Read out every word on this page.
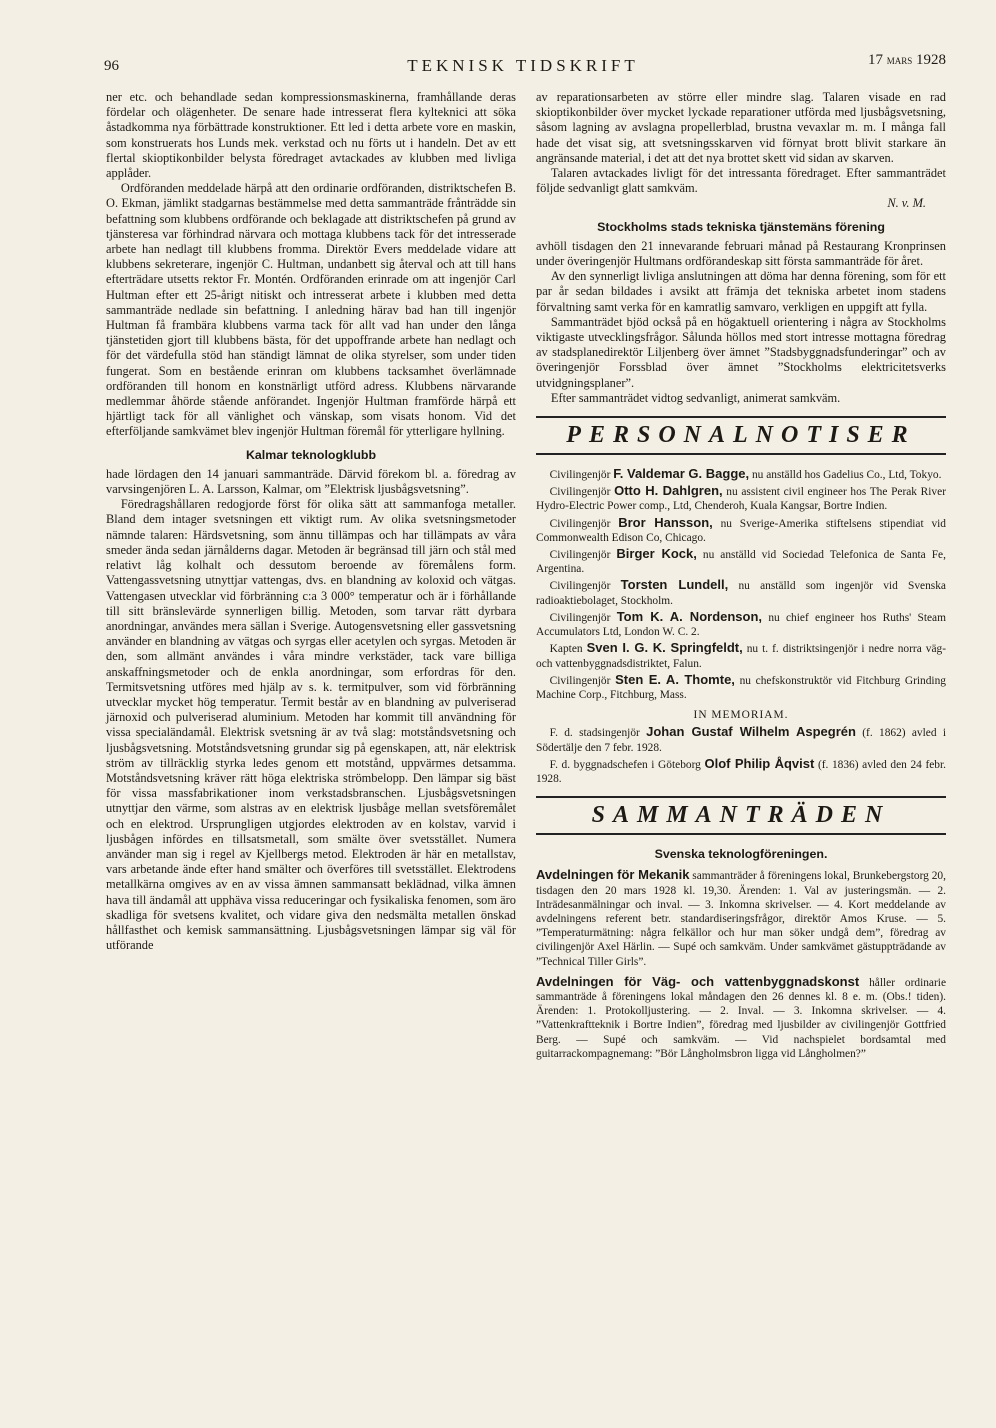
96	TEKNISK TIDSKRIFT	17 mars 1928

ner etc. och behandlade sedan kompressionsmaskinerna, framhållande deras fördelar och olägenheter. De senare hade intresserat flera kylteknici att söka åstadkomma nya förbättrade konstruktioner. Ett led i detta arbete vore en maskin, som konstruerats hos Lunds mek. verkstad och nu förts ut i handeln. Det av ett flertal skioptikonbilder belysta föredraget avtackades av klubben med livliga applåder.

Ordföranden meddelade härpå att den ordinarie ordföranden, distriktschefen B. O. Ekman, jämlikt stadgarnas bestämmelse med detta sammanträde frånträdde sin befattning som klubbens ordförande och beklagade att distriktschefen på grund av tjänsteresa var förhindrad närvara och mottaga klubbens tack för det intresserade arbete han nedlagt till klubbens fromma. Direktör Evers meddelade vidare att klubbens sekreterare, ingenjör C. Hultman, undanbett sig återval och att till hans efterträdare utsetts rektor Fr. Montén. Ordföranden erinrade om att ingenjör Carl Hultman efter ett 25-årigt nitiskt och intresserat arbete i klubben med detta sammanträde nedlade sin befattning. I anledning härav bad han till ingenjör Hultman få frambära klubbens varma tack för allt vad han under den långa tjänstetiden gjort till klubbens bästa, för det uppoffrande arbete han nedlagt och för det värdefulla stöd han ständigt lämnat de olika styrelser, som under tiden fungerat. Som en bestående erinran om klubbens tacksamhet överlämnade ordföranden till honom en konstnärligt utförd adress. Klubbens närvarande medlemmar åhörde stående anförandet. Ingenjör Hultman framförde härpå ett hjärtligt tack för all vänlighet och vänskap, som visats honom. Vid det efterföljande samkvämet blev ingenjör Hultman föremål för ytterligare hyllning.

Kalmar teknologklubb

hade lördagen den 14 januari sammanträde. Därvid förekom bl. a. föredrag av varvsingenjören L. A. Larsson, Kalmar, om ”Elektrisk ljusbågsvetsning”.

Föredragshållaren redogjorde först för olika sätt att sammanfoga metaller. Bland dem intager svetsningen ett viktigt rum. Av olika svetsningsmetoder nämnde talaren: Härdsvetsning, som ännu tillämpas och har tillämpats av våra smeder ända sedan järnålderns dagar. Metoden är begränsad till järn och stål med relativt låg kolhalt och dessutom beroende av föremålens form. Vattengassvetsning utnyttjar vattengas, dvs. en blandning av koloxid och vätgas. Vattengasen utvecklar vid förbränning c:a 3 000° temperatur och är i förhållande till sitt bränslevärde synnerligen billig. Metoden, som tarvar rätt dyrbara anordningar, användes mera sällan i Sverige. Autogensvetsning eller gassvetsning använder en blandning av vätgas och syrgas eller acetylen och syrgas. Metoden är den, som allmänt användes i våra mindre verkstäder, tack vare billiga anskaffningsmetoder och de enkla anordningar, som erfordras för den. Termitsvetsning utföres med hjälp av s. k. termitpulver, som vid förbränning utvecklar mycket hög temperatur. Termit består av en blandning av pulveriserad järnoxid och pulveriserad aluminium. Metoden har kommit till användning för vissa specialändamål. Elektrisk svetsning är av två slag: motståndsvetsning och ljusbågsvetsning. Motståndsvetsning grundar sig på egenskapen, att, när elektrisk ström av tillräcklig styrka ledes genom ett motstånd, uppvärmes detsamma. Motståndsvetsning kräver rätt höga elektriska strömbelopp. Den lämpar sig bäst för vissa massfabrikationer inom verkstadsbranschen. Ljusbågsvetsningen utnyttjar den värme, som alstras av en elektrisk ljusbåge mellan svetsföremålet och en elektrod. Ursprungligen utgjordes elektroden av en kolstav, varvid i ljusbågen infördes en tillsatsmetall, som smälte över svetsstället. Numera använder man sig i regel av Kjellbergs metod. Elektroden är här en metallstav, vars arbetande ände efter hand smälter och överföres till svetsstället. Elektrodens metallkärna omgives av en av vissa ämnen sammansatt beklädnad, vilka ämnen hava till ändamål att upphäva vissa reduceringar och fysikaliska fenomen, som äro skadliga för svetsens kvalitet, och vidare giva den nedsmälta metallen önskad hållfasthet och kemisk sammansättning. Ljusbågsvetsningen lämpar sig väl för utförande

av reparationsarbeten av större eller mindre slag. Talaren visade en rad skioptikonbilder över mycket lyckade reparationer utförda med ljusbågsvetsning, såsom lagning av avslagna propellerblad, brustna vevaxlar m. m. I många fall hade det visat sig, att svetsningsskarven vid förnyat brott blivit starkare än angränsande material, i det att det nya brottet skett vid sidan av skarven.

Talaren avtackades livligt för det intressanta föredraget. Efter sammanträdet följde sedvanligt glatt samkväm.

N. v. M.
Stockholms stads tekniska tjänstemäns förening

avhöll tisdagen den 21 innevarande februari månad på Restaurang Kronprinsen under överingenjör Hultmans ordförandeskap sitt första sammanträde för året.

Av den synnerligt livliga anslutningen att döma har denna förening, som för ett par år sedan bildades i avsikt att främja det tekniska arbetet inom stadens förvaltning samt verka för en kamratlig samvaro, verkligen en uppgift att fylla.

Sammanträdet bjöd också på en högaktuell orientering i några av Stockholms viktigaste utvecklingsfrågor. Sålunda höllos med stort intresse mottagna föredrag av stadsplanedirektör Liljenberg över ämnet ”Stadsbyggnadsfunderingar” och av överingenjör Forssblad över ämnet ”Stockholms elektricitetsverks utvidgningsplaner”.

Efter sammanträdet vidtog sedvanligt, animerat samkväm.

PERSONALNOTISER
Civilingenjör F. Valdemar G. Bagge, nu anställd hos Gadelius Co., Ltd, Tokyo.
Civilingenjör Otto H. Dahlgren, nu assistent civil engineer hos The Perak River Hydro-Electric Power comp., Ltd, Chenderoh, Kuala Kangsar, Bortre Indien.
Civilingenjör Bror Hansson, nu Sverige-Amerika stiftelsens stipendiat vid Commonwealth Edison Co, Chicago.
Civilingenjör Birger Kock, nu anställd vid Sociedad Telefonica de Santa Fe, Argentina.
Civilingenjör Torsten Lundell, nu anställd som ingenjör vid Svenska radioaktiebolaget, Stockholm.
Civilingenjör Tom K. A. Nordenson, nu chief engineer hos Ruths' Steam Accumulators Ltd, London W. C. 2.
Kapten Sven I. G. K. Springfeldt, nu t. f. distriktsingenjör i nedre norra väg- och vattenbyggnadsdistriktet, Falun.
Civilingenjör Sten E. A. Thomte, nu chefskonstruktör vid Fitchburg Grinding Machine Corp., Fitchburg, Mass.
IN MEMORIAM.
F. d. stadsingenjör Johan Gustaf Wilhelm Aspegrén (f. 1862) avled i Södertälje den 7 febr. 1928.
F. d. byggnadschefen i Göteborg Olof Philip Åqvist (f. 1836) avled den 24 febr. 1928.
SAMMANTRÄDEN
Svenska teknologföreningen.
Avdelningen för Mekanik sammanträder å föreningens lokal, Brunkebergstorg 20, tisdagen den 20 mars 1928 kl. 19,30. Ärenden: 1. Val av justeringsmän. — 2. Inträdesanmälningar och inval. — 3. Inkomna skrivelser. — 4. Kort meddelande av avdelningens referent betr. standardiseringsfrågor, direktör Amos Kruse. — 5. ”Temperaturmätning: några felkällor och hur man söker undgå dem”, föredrag av civilingenjör Axel Härlin. — Supé och samkväm. Under samkvämet gästuppträdande av ”Technical Tiller Girls”.
Avdelningen för Väg- och vattenbyggnadskonst håller ordinarie sammanträde å föreningens lokal måndagen den 26 dennes kl. 8 e. m. (Obs.! tiden). Ärenden: 1. Protokolljustering. — 2. Inval. — 3. Inkomna skrivelser. — 4. ”Vattenkraftteknik i Bortre Indien”, föredrag med ljusbilder av civilingenjör Gottfried Berg. — Supé och samkväm. — Vid nachspielet bordsamtal med guitarrackompagnemang: ”Bör Långholmsbron ligga vid Långholmen?”
